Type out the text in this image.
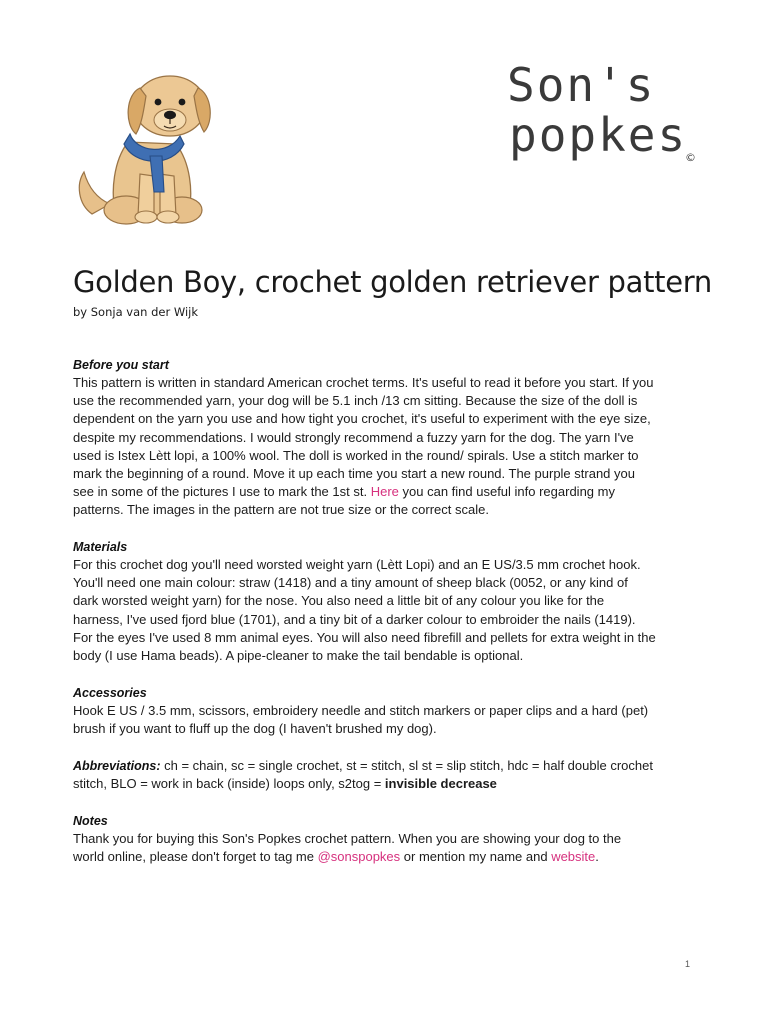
Son's
popkes
©
Golden Boy, crochet golden retriever pattern
by Sonja van der Wijk
Before you start
This pattern is written in standard American crochet terms. It's useful to read it before you start. If you
use the recommended yarn, your dog will be 5.1 inch /13 cm sitting. Because the size of the doll is
dependent on the yarn you use and how tight you crochet, it's useful to experiment with the eye size,
despite my recommendations. I would strongly recommend a fuzzy yarn for the dog. The yarn I've
used is Istex Lètt lopi, a 100% wool. The doll is worked in the round/ spirals. Use a stitch marker to
mark the beginning of a round. Move it up each time you start a new round. The purple strand you
see in some of the pictures I use to mark the 1st st. Here you can find useful info regarding my
patterns. The images in the pattern are not true size or the correct scale.
Materials
For this crochet dog you'll need worsted weight yarn (Lètt Lopi) and an E US/3.5 mm crochet hook.
You'll need one main colour: straw (1418) and a tiny amount of sheep black (0052, or any kind of
dark worsted weight yarn) for the nose. You also need a little bit of any colour you like for the
harness, I've used fjord blue (1701), and a tiny bit of a darker colour to embroider the nails (1419).
For the eyes I've used 8 mm animal eyes. You will also need fibrefill and pellets for extra weight in the
body (I use Hama beads). A pipe-cleaner to make the tail bendable is optional.
Accessories
Hook E US / 3.5 mm, scissors, embroidery needle and stitch markers or paper clips and a hard (pet)
brush if you want to fluff up the dog (I haven't brushed my dog).
Abbreviations: ch = chain, sc = single crochet, st = stitch, sl st = slip stitch, hdc = half double crochet
stitch, BLO = work in back (inside) loops only, s2tog = invisible decrease
Notes
Thank you for buying this Son's Popkes crochet pattern. When you are showing your dog to the
world online, please don't forget to tag me @sonspopkes or mention my name and website.
1
